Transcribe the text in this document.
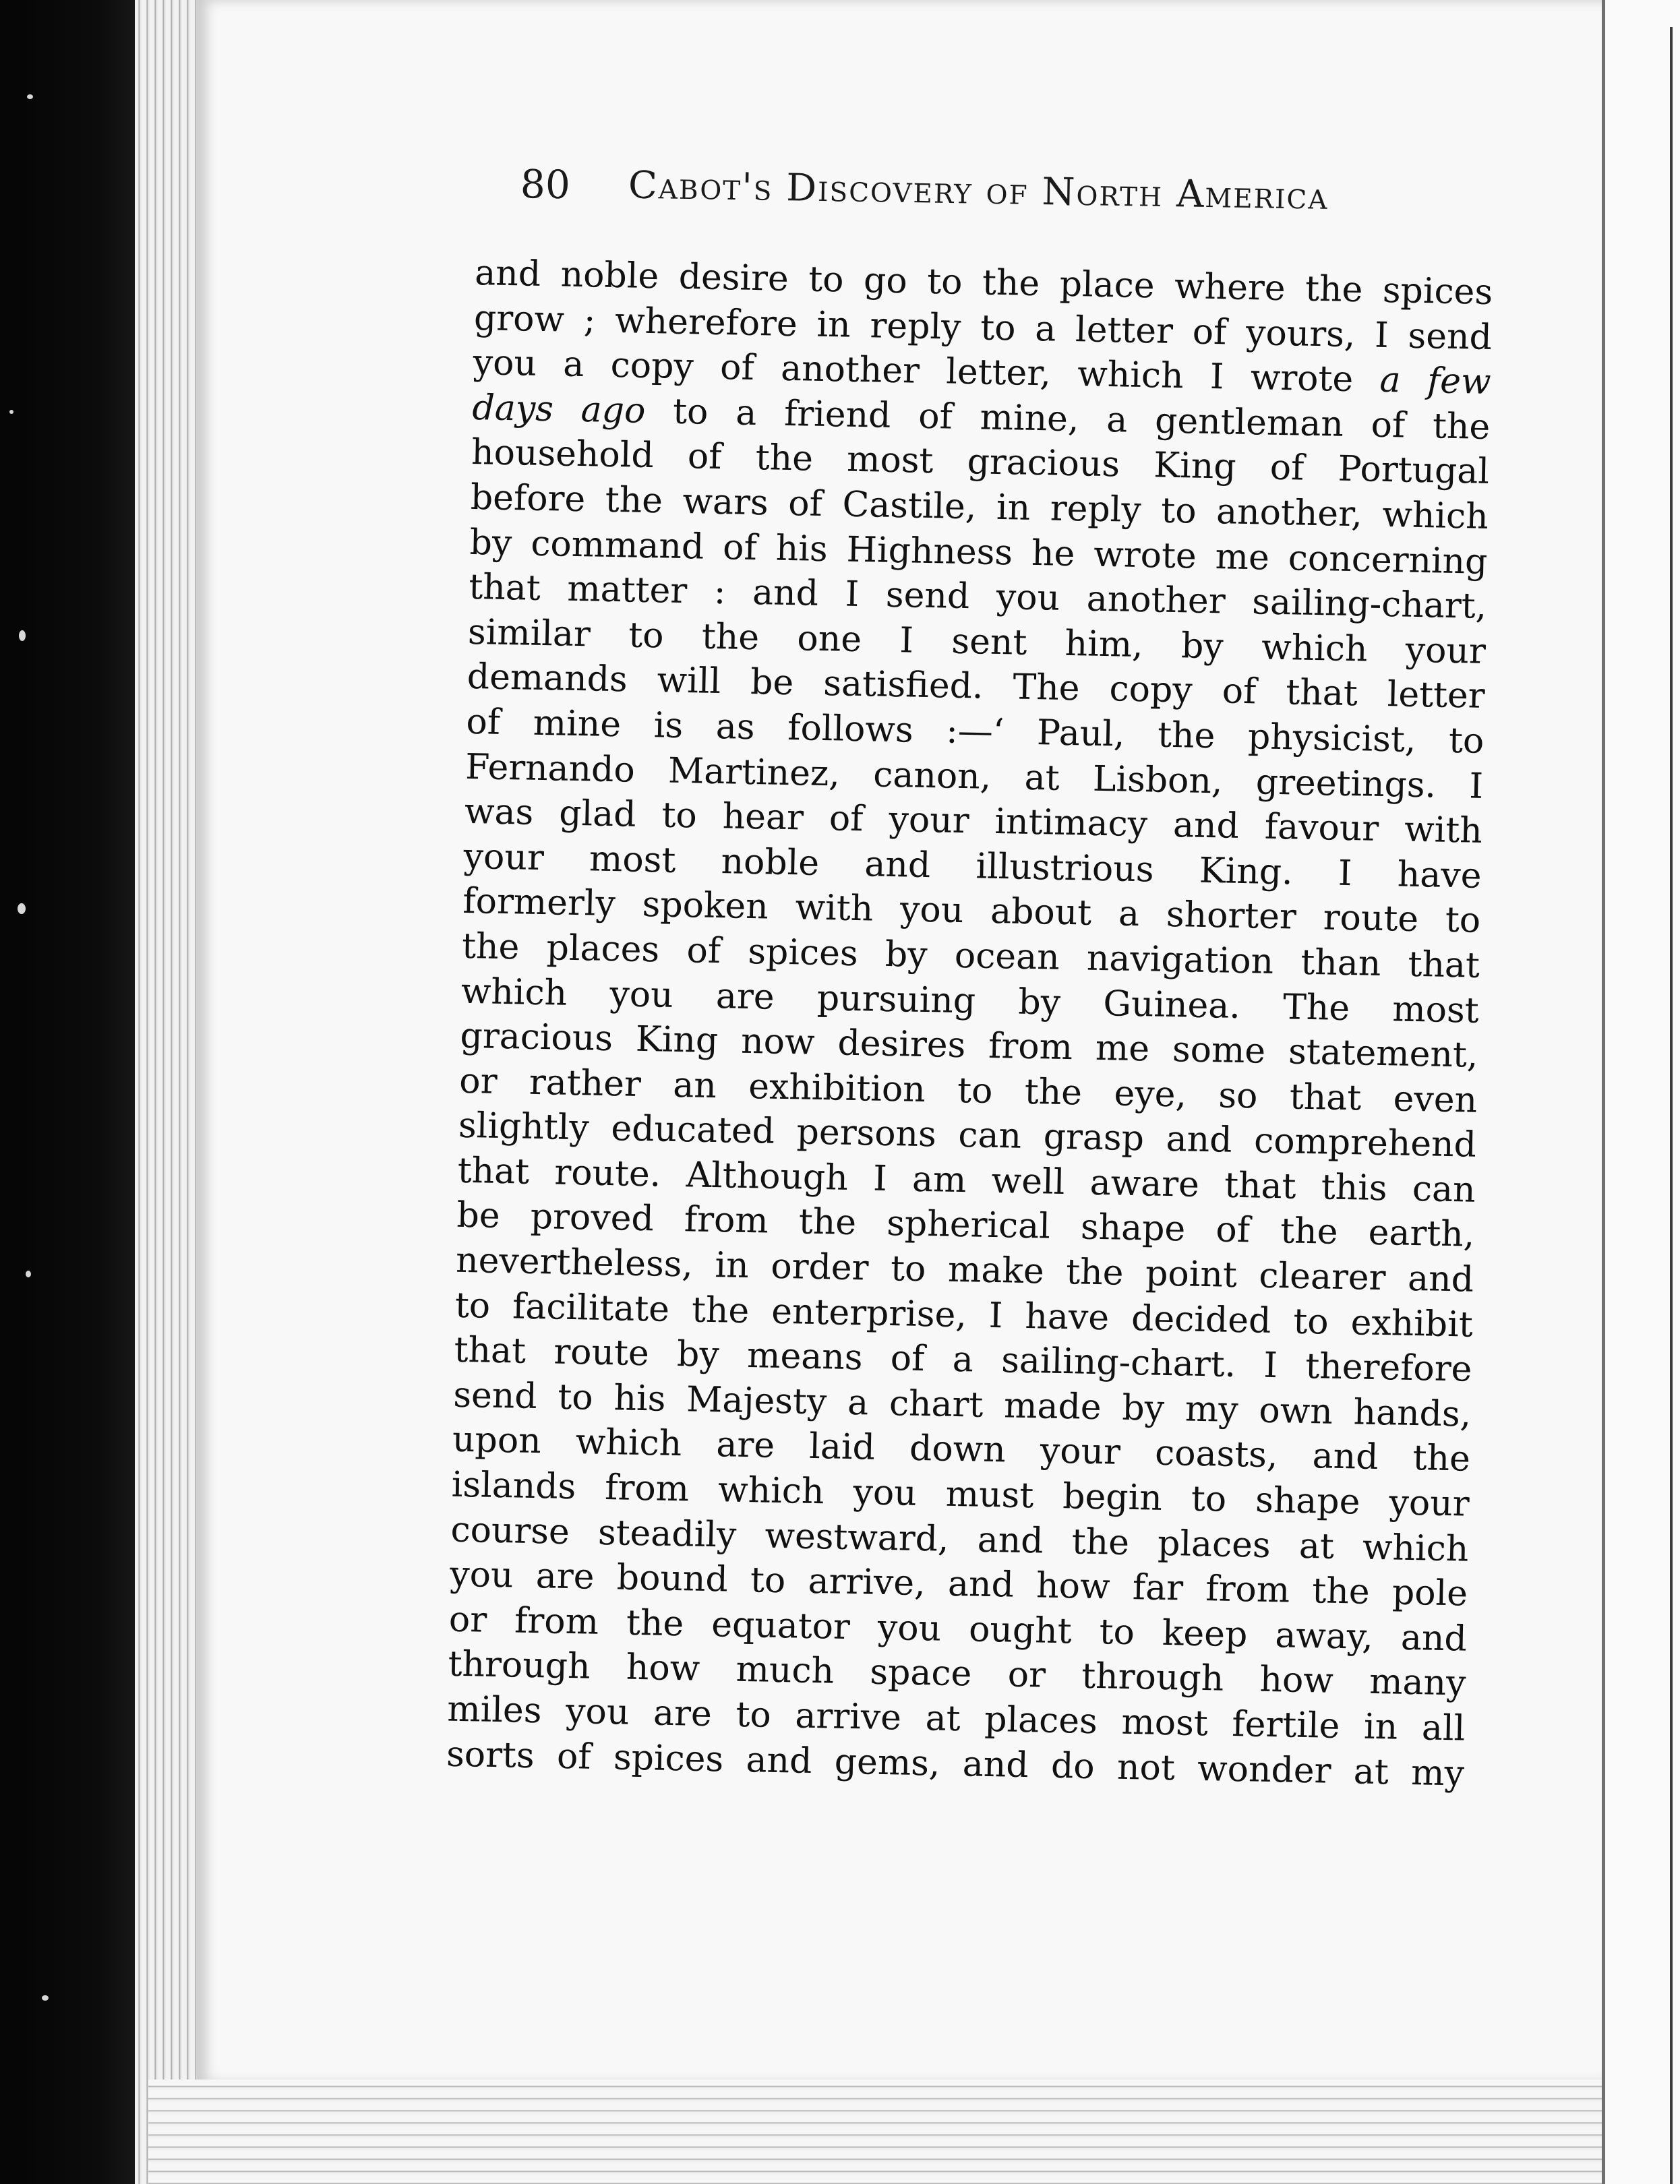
80 Cabot's Discovery of North America
and noble desire to go to the place where the spices
grow ; wherefore in reply to a letter of yours, I send
you a copy of another letter, which I wrote a few
days ago to a friend of mine, a gentleman of the
household of the most gracious King of Portugal
before the wars of Castile, in reply to another, which
by command of his Highness he wrote me concerning
that matter : and I send you another sailing-chart,
similar to the one I sent him, by which your
demands will be satisfied. The copy of that letter
of mine is as follows :—‘ Paul, the physicist, to
Fernando Martinez, canon, at Lisbon, greetings. I
was glad to hear of your intimacy and favour with
your most noble and illustrious King. I have
formerly spoken with you about a shorter route to
the places of spices by ocean navigation than that
which you are pursuing by Guinea. The most
gracious King now desires from me some statement,
or rather an exhibition to the eye, so that even
slightly educated persons can grasp and comprehend
that route. Although I am well aware that this can
be proved from the spherical shape of the earth,
nevertheless, in order to make the point clearer and
to facilitate the enterprise, I have decided to exhibit
that route by means of a sailing-chart. I therefore
send to his Majesty a chart made by my own hands,
upon which are laid down your coasts, and the
islands from which you must begin to shape your
course steadily westward, and the places at which
you are bound to arrive, and how far from the pole
or from the equator you ought to keep away, and
through how much space or through how many
miles you are to arrive at places most fertile in all
sorts of spices and gems, and do not wonder at my
